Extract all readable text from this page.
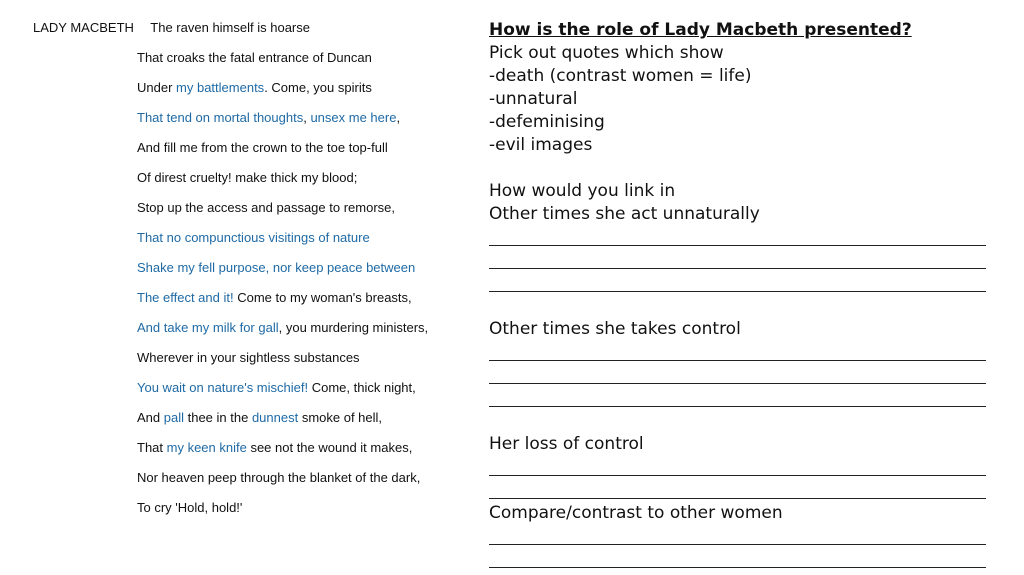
LADY MACBETH The raven himself is hoarse
That croaks the fatal entrance of Duncan
Under my battlements. Come, you spirits
That tend on mortal thoughts, unsex me here,
And fill me from the crown to the toe top-full
Of direst cruelty! make thick my blood;
Stop up the access and passage to remorse,
That no compunctious visitings of nature
Shake my fell purpose, nor keep peace between
The effect and it! Come to my woman's breasts,
And take my milk for gall, you murdering ministers,
Wherever in your sightless substances
You wait on nature's mischief! Come, thick night,
And pall thee in the dunnest smoke of hell,
That my keen knife see not the wound it makes,
Nor heaven peep through the blanket of the dark,
To cry 'Hold, hold!'
How is the role of Lady Macbeth presented?
Pick out quotes which show
-death (contrast women = life)
-unnatural
-defeminising
-evil images
How would you link in
Other times she act unnaturally
Other times she takes control
Her loss of control
Compare/contrast to other women
